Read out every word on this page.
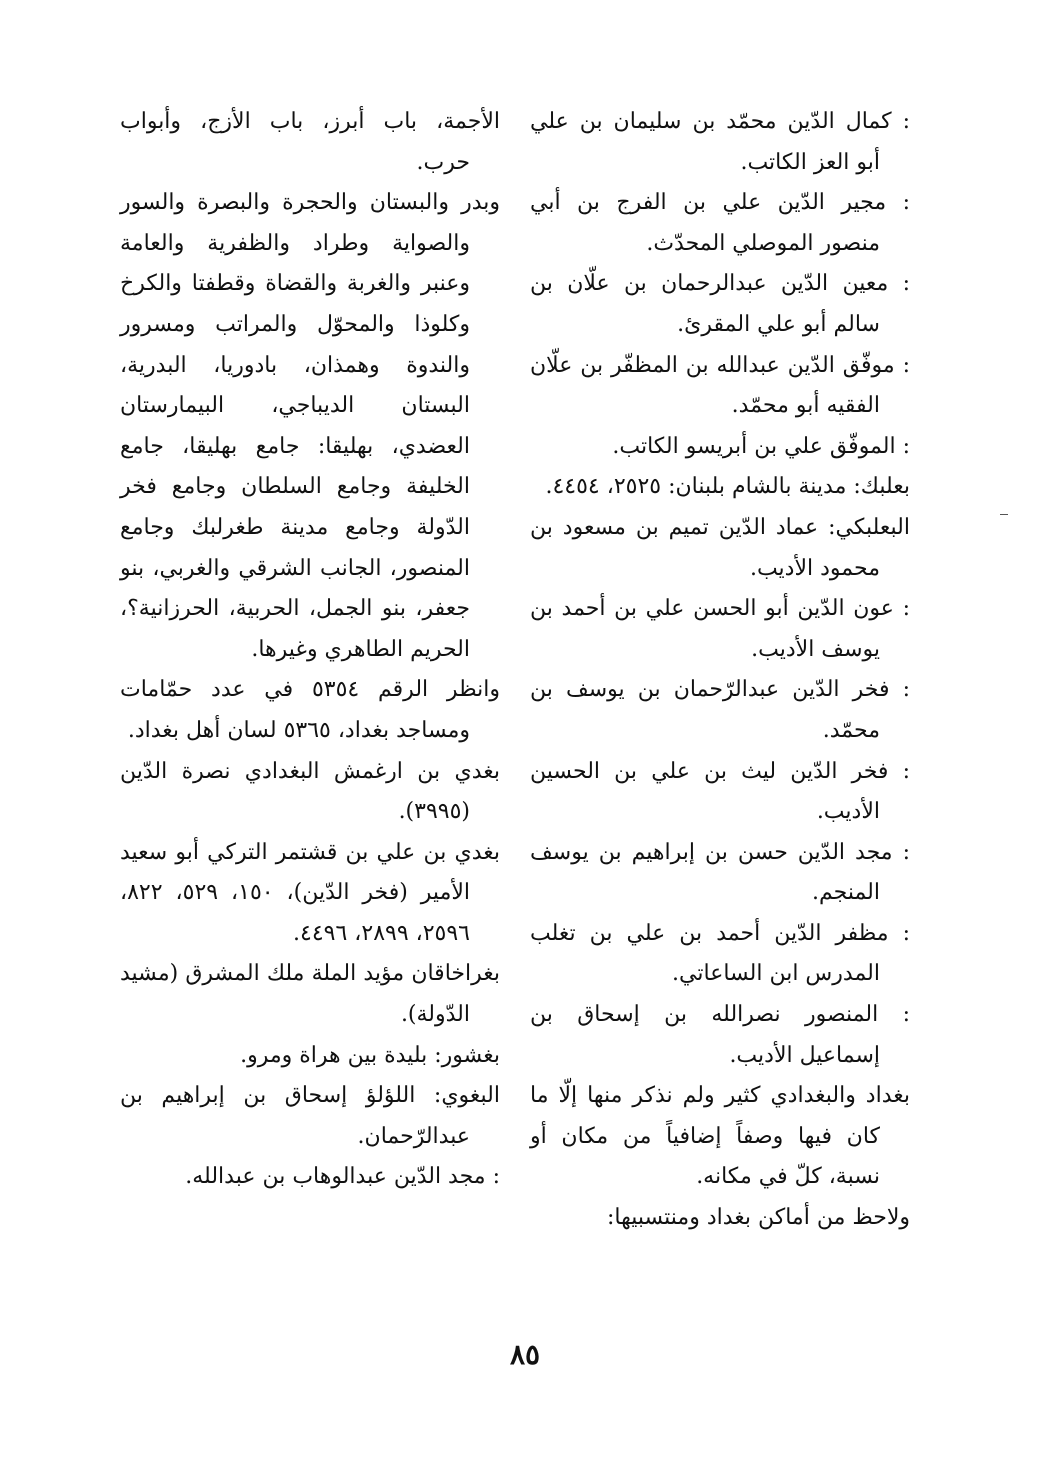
: كمال الدّين محمّد بن سليمان بن علي أبو العز الكاتب.

: مجير الدّين علي بن الفرج بن أبي منصور الموصلي المحدّث.

: معين الدّين عبدالرحمان بن علّان بن سالم أبو علي المقرئ.

: موفّق الدّين عبدالله بن المظفّر بن علّان الفقيه أبو محمّد.

: الموفّق علي بن أبريسو الكاتب.

بعلبك: مدينة بالشام بلبنان: ٢٥٢٥، ٤٤٥٤.

البعلبكي: عماد الدّين تميم بن مسعود بن محمود الأديب.

: عون الدّين أبو الحسن علي بن أحمد بن يوسف الأديب.

: فخر الدّين عبدالرّحمان بن يوسف بن محمّد.

: فخر الدّين ليث بن علي بن الحسين الأديب.

: مجد الدّين حسن بن إبراهيم بن يوسف المنجم.

: مظفر الدّين أحمد بن علي بن تغلب المدرس ابن الساعاتي.

: المنصور نصرالله بن إسحاق بن إسماعيل الأديب.

بغداد والبغدادي كثير ولم نذكر منها إلّا ما كان فيها وصفاً إضافياً من مكان أو نسبة، كلّ في مكانه.

ولاحظ من أماكن بغداد ومنتسبيها:

الأجمة، باب أبرز، باب الأزج، وأبواب حرب.

وبدر والبستان والحجرة والبصرة والسور والصواية وطراد والظفرية والعامة وعنبر والغربة والقضاة وقطفتا والكرخ وكلوذا والمحوّل والمراتب ومسرور والندوة وهمذان، بادوريا، البدرية، البستان الديباجي، البيمارستان العضدي، بهليقا: جامع بهليقا، جامع الخليفة وجامع السلطان وجامع فخر الدّولة وجامع مدينة طغرلبك وجامع المنصور، الجانب الشرقي والغربي، بنو جعفر، بنو الجمل، الحربية، الحرزانية؟، الحريم الطاهري وغيرها.

وانظر الرقم ٥٣٥٤ في عدد حمّامات ومساجد بغداد، ٥٣٦٥ لسان أهل بغداد.

بغدي بن ارغمش البغدادي نصرة الدّين (٣٩٩٥).

بغدي بن علي بن قشتمر التركي أبو سعيد الأمير (فخر الدّين)، ١٥٠، ٥٢٩، ٨٢٢، ٢٥٩٦، ٢٨٩٩، ٤٤٩٦.

بغراخاقان مؤيد الملة ملك المشرق (مشيد الدّولة).

بغشور: بليدة بين هراة ومرو.

البغوي: اللؤلؤ إسحاق بن إبراهيم بن عبدالرّحمان.

: مجد الدّين عبدالوهاب بن عبدالله.

٨٥
